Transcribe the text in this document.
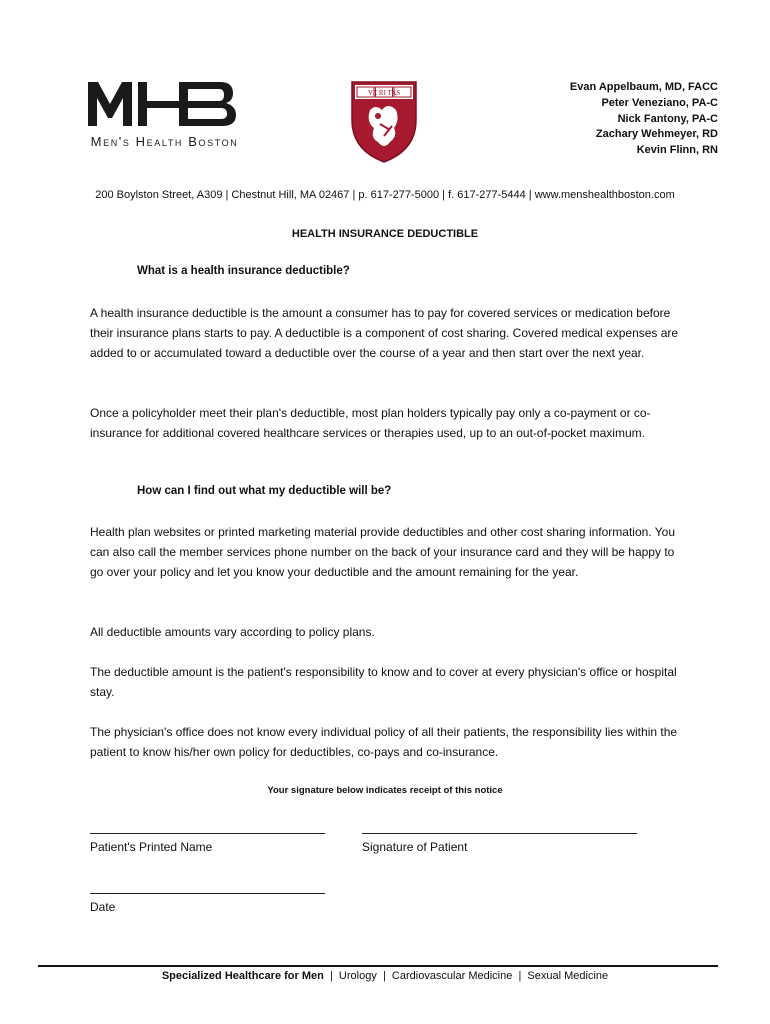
Men's Health Boston
VE RI TAS	Evan Appelbaum, MD, FACC
Peter Veneziano, PA-C
Nick Fantony, PA-C
Zachary Wehmeyer, RD
Kevin Flinn, RN
200 Boylston Street, A309 | Chestnut Hill, MA 02467 | p. 617-277-5000 | f. 617-277-5444 | www.menshealthboston.com
HEALTH INSURANCE DEDUCTIBLE
What is a health insurance deductible?
A health insurance deductible is the amount a consumer has to pay for covered services or medication before their insurance plans starts to pay. A deductible is a component of cost sharing. Covered medical expenses are added to or accumulated toward a deductible over the course of a year and then start over the next year.
Once a policyholder meet their plan's deductible, most plan holders typically pay only a co-payment or co-insurance for additional covered healthcare services or therapies used, up to an out-of-pocket maximum.
How can I find out what my deductible will be?
Health plan websites or printed marketing material provide deductibles and other cost sharing information. You can also call the member services phone number on the back of your insurance card and they will be happy to go over your policy and let you know your deductible and the amount remaining for the year.
All deductible amounts vary according to policy plans.
The deductible amount is the patient's responsibility to know and to cover at every physician's office or hospital stay.
The physician's office does not know every individual policy of all their patients, the responsibility lies within the patient to know his/her own policy for deductibles, co-pays and co-insurance.
Your signature below indicates receipt of this notice
Patient's Printed Name	Signature of Patient
Date
Specialized Healthcare for Men  |  Urology  |  Cardiovascular Medicine  |  Sexual Medicine
